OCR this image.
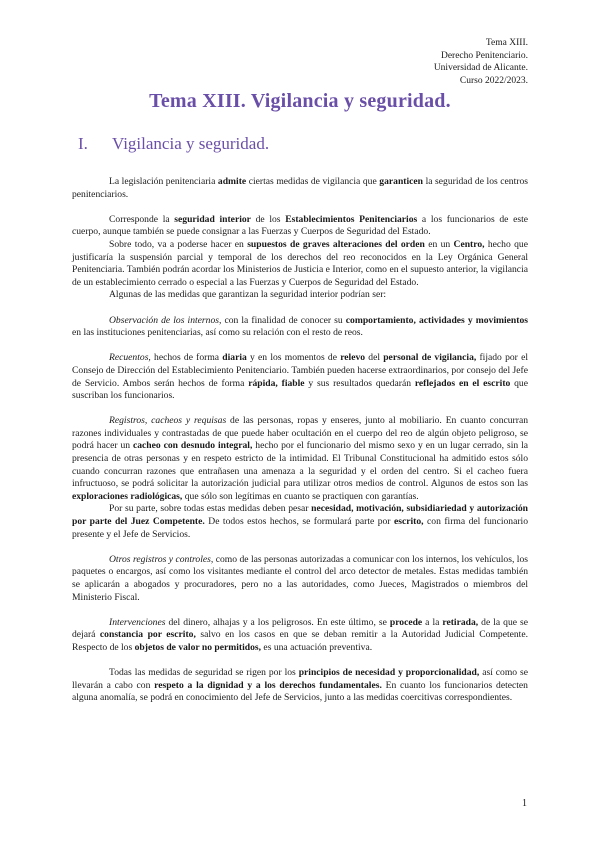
Tema XIII.
Derecho Penitenciario.
Universidad de Alicante.
Curso 2022/2023.
Tema XIII. Vigilancia y seguridad.
I. Vigilancia y seguridad.

La legislación penitenciaria admite ciertas medidas de vigilancia que garanticen la seguridad de los centros penitenciarios.

Corresponde la seguridad interior de los Establecimientos Penitenciarios a los funcionarios de este cuerpo, aunque también se puede consignar a las Fuerzas y Cuerpos de Seguridad del Estado.

Sobre todo, va a poderse hacer en supuestos de graves alteraciones del orden en un Centro, hecho que justificaría la suspensión parcial y temporal de los derechos del reo reconocidos en la Ley Orgánica General Penitenciaria. También podrán acordar los Ministerios de Justicia e Interior, como en el supuesto anterior, la vigilancia de un establecimiento cerrado o especial a las Fuerzas y Cuerpos de Seguridad del Estado.

Algunas de las medidas que garantizan la seguridad interior podrían ser:

Observación de los internos, con la finalidad de conocer su comportamiento, actividades y movimientos en las instituciones penitenciarias, así como su relación con el resto de reos.

Recuentos, hechos de forma diaria y en los momentos de relevo del personal de vigilancia, fijado por el Consejo de Dirección del Establecimiento Penitenciario. También pueden hacerse extraordinarios, por consejo del Jefe de Servicio. Ambos serán hechos de forma rápida, fiable y sus resultados quedarán reflejados en el escrito que suscriban los funcionarios.

Registros, cacheos y requisas de las personas, ropas y enseres, junto al mobiliario. En cuanto concurran razones individuales y contrastadas de que puede haber ocultación en el cuerpo del reo de algún objeto peligroso, se podrá hacer un cacheo con desnudo integral, hecho por el funcionario del mismo sexo y en un lugar cerrado, sin la presencia de otras personas y en respeto estricto de la intimidad. El Tribunal Constitucional ha admitido estos sólo cuando concurran razones que entrañasen una amenaza a la seguridad y el orden del centro. Si el cacheo fuera infructuoso, se podrá solicitar la autorización judicial para utilizar otros medios de control. Algunos de estos son las exploraciones radiológicas, que sólo son legítimas en cuanto se practiquen con garantías.

Por su parte, sobre todas estas medidas deben pesar necesidad, motivación, subsidiariedad y autorización por parte del Juez Competente. De todos estos hechos, se formulará parte por escrito, con firma del funcionario presente y el Jefe de Servicios.

Otros registros y controles, como de las personas autorizadas a comunicar con los internos, los vehículos, los paquetes o encargos, así como los visitantes mediante el control del arco detector de metales. Estas medidas también se aplicarán a abogados y procuradores, pero no a las autoridades, como Jueces, Magistrados o miembros del Ministerio Fiscal.

Intervenciones del dinero, alhajas y a los peligrosos. En este último, se procede a la retirada, de la que se dejará constancia por escrito, salvo en los casos en que se deban remitir a la Autoridad Judicial Competente. Respecto de los objetos de valor no permitidos, es una actuación preventiva.

Todas las medidas de seguridad se rigen por los principios de necesidad y proporcionalidad, así como se llevarán a cabo con respeto a la dignidad y a los derechos fundamentales. En cuanto los funcionarios detecten alguna anomalía, se podrá en conocimiento del Jefe de Servicios, junto a las medidas coercitivas correspondientes.

1
